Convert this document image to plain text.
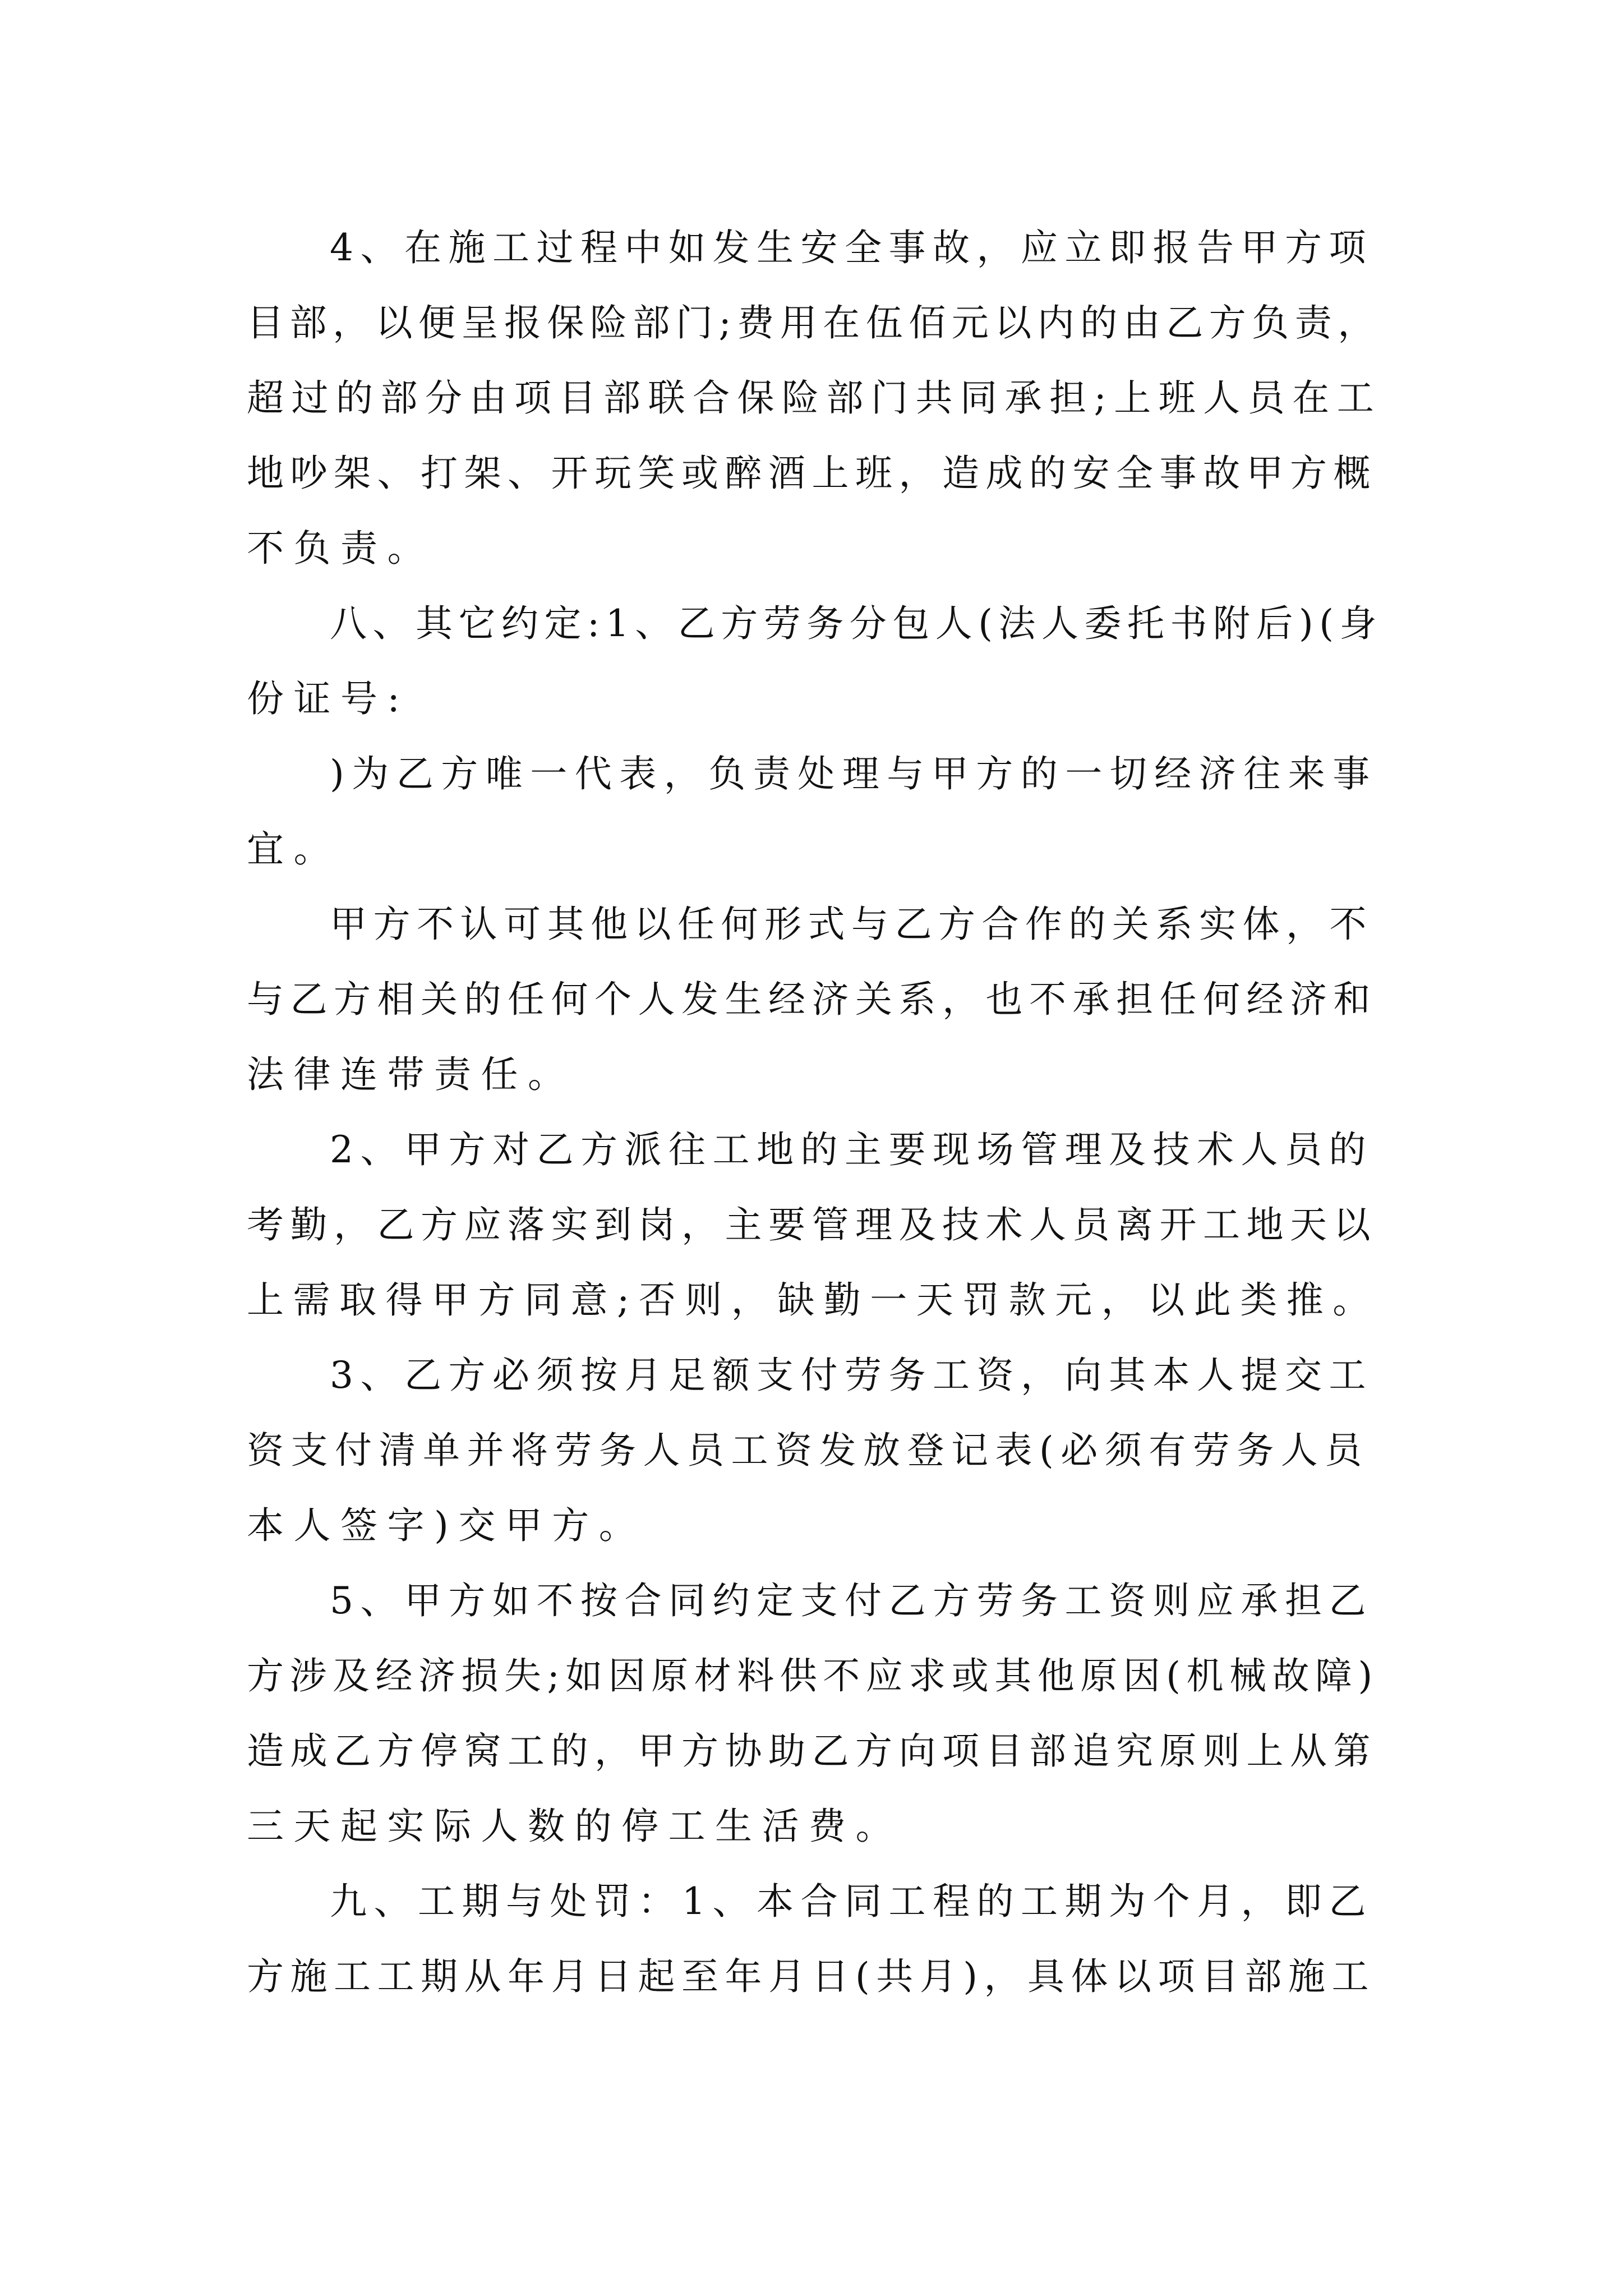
4、在施工过程中如发生安全事故，应立即报告甲方项
目部，以便呈报保险部门;费用在伍佰元以内的由乙方负责，
超过的部分由项目部联合保险部门共同承担;上班人员在工
地吵架、打架、开玩笑或醉酒上班，造成的安全事故甲方概
不负责。
八、其它约定:1、乙方劳务分包人(法人委托书附后)(身
份证号:
)为乙方唯一代表，负责处理与甲方的一切经济往来事
宜。
甲方不认可其他以任何形式与乙方合作的关系实体，不
与乙方相关的任何个人发生经济关系，也不承担任何经济和
法律连带责任。
2、甲方对乙方派往工地的主要现场管理及技术人员的
考勤，乙方应落实到岗，主要管理及技术人员离开工地天以
上需取得甲方同意;否则，缺勤一天罚款元，以此类推。
3、乙方必须按月足额支付劳务工资，向其本人提交工
资支付清单并将劳务人员工资发放登记表(必须有劳务人员
本人签字)交甲方。
5、甲方如不按合同约定支付乙方劳务工资则应承担乙
方涉及经济损失;如因原材料供不应求或其他原因(机械故障)
造成乙方停窝工的，甲方协助乙方向项目部追究原则上从第
三天起实际人数的停工生活费。
九、工期与处罚：1、本合同工程的工期为个月，即乙
方施工工期从年月日起至年月日(共月)，具体以项目部施工
